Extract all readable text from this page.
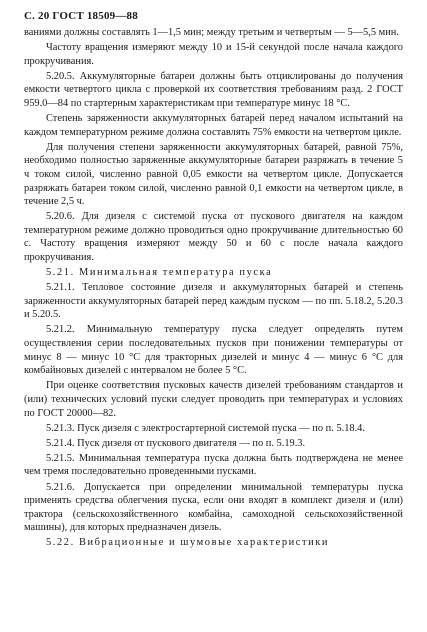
С. 20 ГОСТ 18509—88

ваниями должны составлять 1—1,5 мин; между третьим и четвертым — 5—5,5 мин.

Частоту вращения измеряют между 10 и 15-й секундой после начала каждого прокручивания.

5.20.5. Аккумуляторные батареи должны быть отциклированы до получения емкости четвертого цикла с проверкой их соответствия требованиям разд. 2 ГОСТ 959.0—84 по стартерным характеристикам при температуре минус 18 °С.

Степень заряженности аккумуляторных батарей перед началом испытаний на каждом температурном режиме должна составлять 75% емкости на четвертом цикле.

Для получения степени заряженности аккумуляторных батарей, равной 75%, необходимо полностью заряженные аккумуляторные батареи разряжать в течение 5 ч током силой, численно равной 0,05 емкости на четвертом цикле. Допускается разряжать батареи током силой, численно равной 0,1 емкости на четвертом цикле, в течение 2,5 ч.

5.20.6. Для дизеля с системой пуска от пускового двигателя на каждом температурном режиме должно проводиться одно прокручивание длительностью 60 с. Частоту вращения измеряют между 50 и 60 с после начала каждого прокручивания.

5.21. Минимальная температура пуска

5.21.1. Тепловое состояние дизеля и аккумуляторных батарей и степень заряженности аккумуляторных батарей перед каждым пуском — по пп. 5.18.2, 5.20.3 и 5.20.5.

5.21.2. Минимальную температуру пуска следует определять путем осуществления серии последовательных пусков при понижении температуры от минус 8 — минус 10 °С для тракторных дизелей и минус 4 — минус 6 °С для комбайновых дизелей с интервалом не более 5 °С.

При оценке соответствия пусковых качеств дизелей требованиям стандартов и (или) технических условий пуски следует проводить при температурах и условиях по ГОСТ 20000—82.

5.21.3. Пуск дизеля с электростартерной системой пуска — по п. 5.18.4.

5.21.4. Пуск дизеля от пускового двигателя — по п. 5.19.3.

5.21.5. Минимальная температура пуска должна быть подтверждена не менее чем тремя последовательно проведенными пусками.

5.21.6. Допускается при определении минимальной температуры пуска применять средства облегчения пуска, если они входят в комплект дизеля и (или) трактора (сельскохозяйственного комбайна, самоходной сельскохозяйственной машины), для которых предназначен дизель.

5.22. Вибрационные и шумовые характеристики
